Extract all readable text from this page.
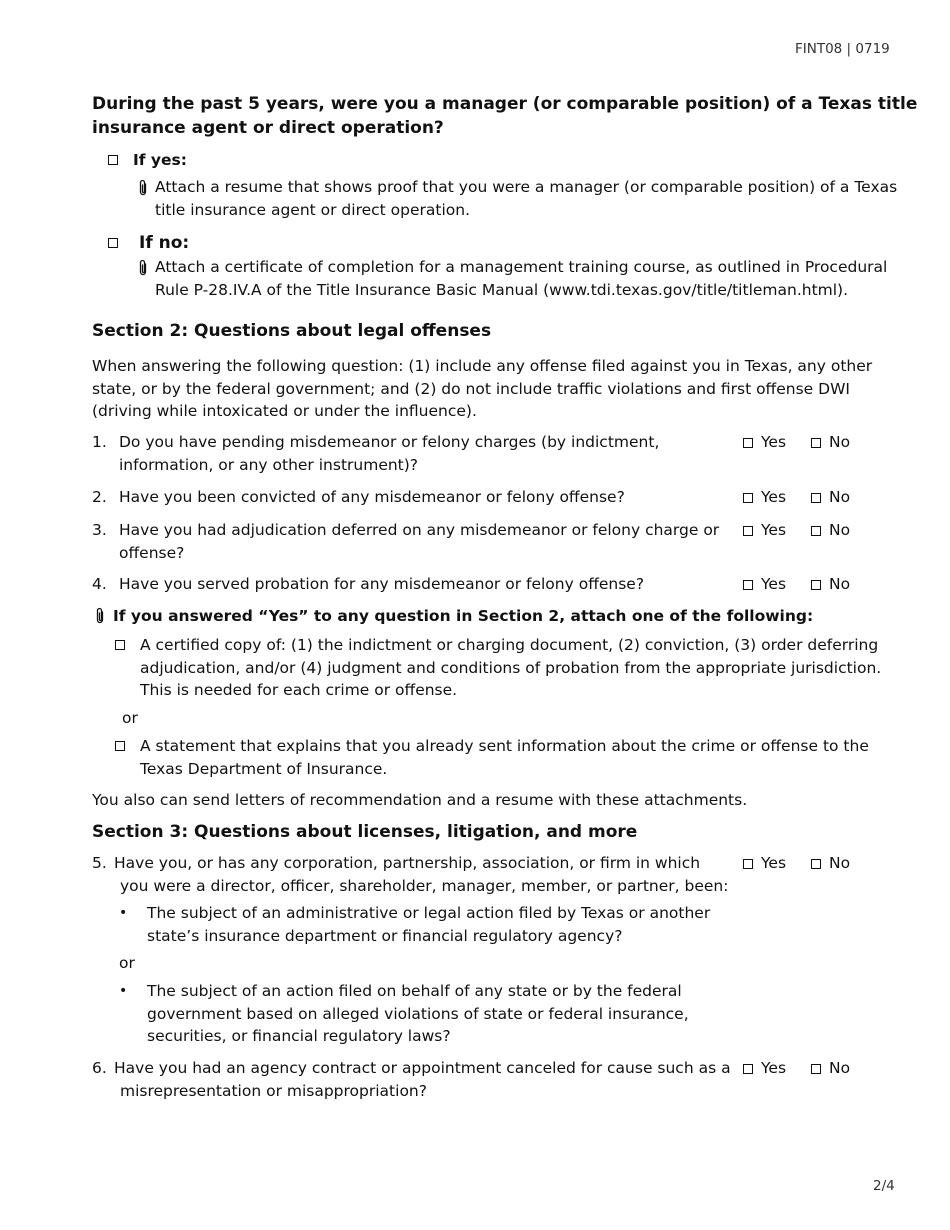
FINT08 | 0719
During the past 5 years, were you a manager (or comparable position) of a Texas title
insurance agent or direct operation?
If yes:
Attach a resume that shows proof that you were a manager (or comparable position) of a Texas
title insurance agent or direct operation.
If no:
Attach a certificate of completion for a management training course, as outlined in Procedural
Rule P-28.IV.A of the Title Insurance Basic Manual (www.tdi.texas.gov/title/titleman.html).
Section 2: Questions about legal offenses
When answering the following question: (1) include any offense filed against you in Texas, any other
state, or by the federal government; and (2) do not include traffic violations and first offense DWI
(driving while intoxicated or under the influence).
1. Do you have pending misdemeanor or felony charges (by indictment,
information, or any other instrument)?
Yes	No
2. Have you been convicted of any misdemeanor or felony offense?	Yes	No
3. Have you had adjudication deferred on any misdemeanor or felony charge or
offense?
Yes	No
4. Have you served probation for any misdemeanor or felony offense?	Yes	No
If you answered “Yes” to any question in Section 2, attach one of the following:
A certified copy of: (1) the indictment or charging document, (2) conviction, (3) order deferring
adjudication, and/or (4) judgment and conditions of probation from the appropriate jurisdiction.
This is needed for each crime or offense.
or
A statement that explains that you already sent information about the crime or offense to the
Texas Department of Insurance.
You also can send letters of recommendation and a resume with these attachments.
Section 3: Questions about licenses, litigation, and more
5. Have you, or has any corporation, partnership, association, or firm in which
you were a director, officer, shareholder, manager, member, or partner, been:
Yes	No
• The subject of an administrative or legal action filed by Texas or another
state’s insurance department or financial regulatory agency?
or
• The subject of an action filed on behalf of any state or by the federal
government based on alleged violations of state or federal insurance,
securities, or financial regulatory laws?
6. Have you had an agency contract or appointment canceled for cause such as a
misrepresentation or misappropriation?
Yes	No
2/4
